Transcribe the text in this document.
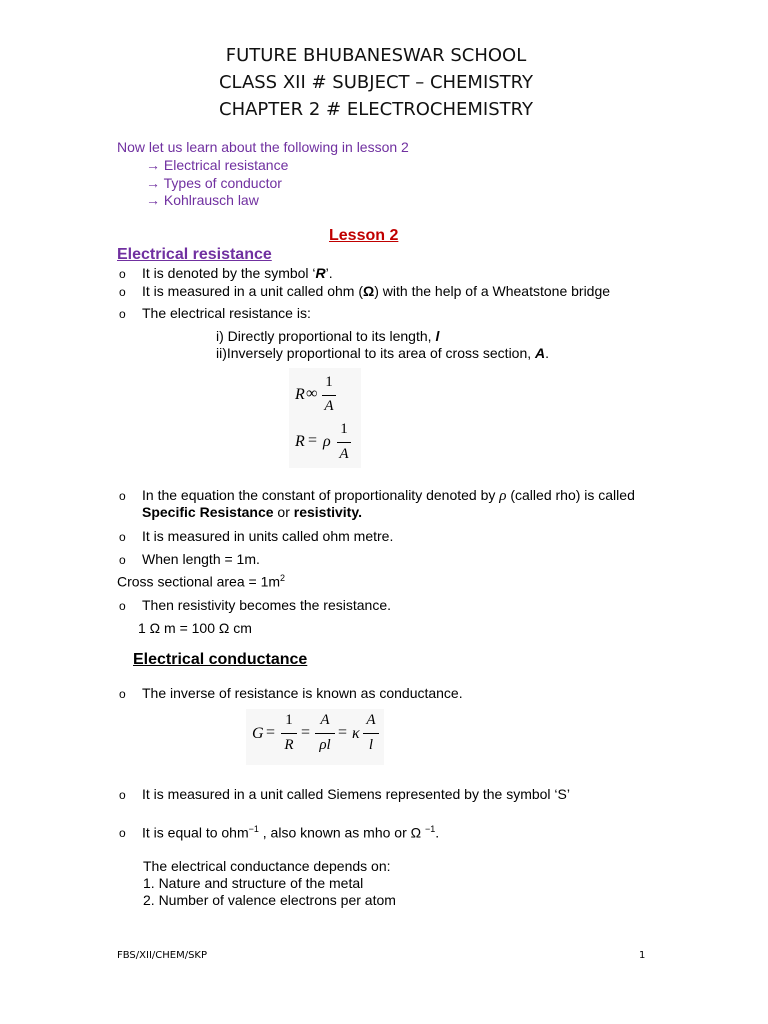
FUTURE BHUBANESWAR SCHOOL
CLASS XII # SUBJECT – CHEMISTRY
CHAPTER 2 # ELECTROCHEMISTRY
Now let us learn about the following in lesson 2
→ Electrical resistance
→ Types of conductor
→ Kohlrausch law
Lesson 2
Electrical resistance
o It is denoted by the symbol ‘R’.
o It is measured in a unit called ohm (Ω) with the help of a Wheatstone bridge
o The electrical resistance is:
i) Directly proportional to its length, l
ii)Inversely proportional to its area of cross section, A.
R ∞
1
A
R = ρ
1
A
o In the equation the constant of proportionality denoted by ρ (called rho) is called
Specific Resistance or resistivity.
o It is measured in units called ohm metre.
o When length = 1m.
Cross sectional area = $1m^2$
o Then resistivity becomes the resistance.
1 Ω m = 100 Ω cm
Electrical conductance
o The inverse of resistance is known as conductance.
G =
1
R
=
A
ρl
= κ
A
l
o It is measured in a unit called Siemens represented by the symbol ‘S’
o It is equal to ohm$^{-1}$ , also known as mho or Ω $^{-1}$.
The electrical conductance depends on:
1. Nature and structure of the metal
2. Number of valence electrons per atom
FBS/XII/CHEM/SKP	1
